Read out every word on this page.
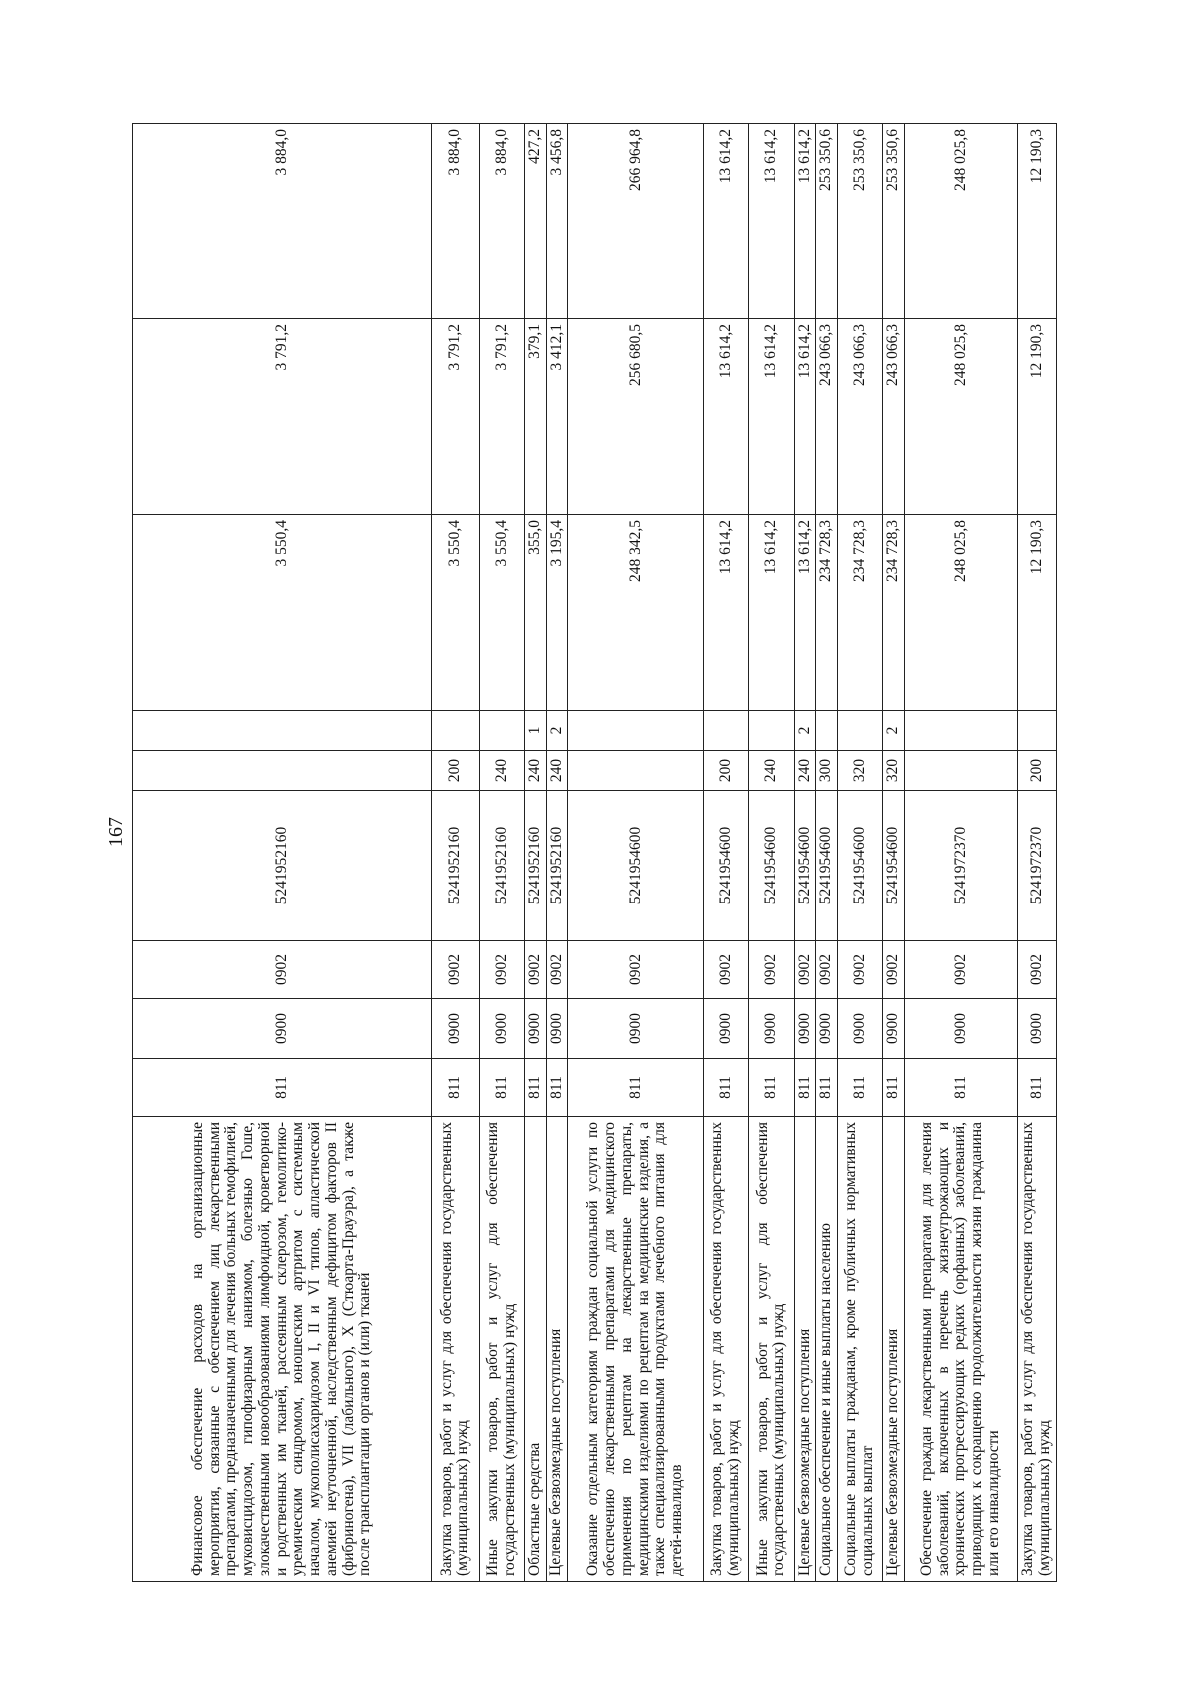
167
Финансовое обеспечение расходов на организационные мероприятия, связанные с обеспечением лиц лекарственными препаратами, предназначенными для лечения больных гемофилией, муковисцидозом, гипофизарным нанизмом, болезнью Гоше, злокачественными новообразованиями лимфоидной, кроветворной и родственных им тканей, рассеянным склерозом, гемолитико-уремическим синдромом, юношеским артритом с системным началом, мукополисахаридозом I, II и VI типов, апластической анемией неуточненной, наследственным дефицитом факторов II (фибриногена), VII (лабильного), X (Стюарта-Прауэра), а также после трансплантации органов и (или) тканей	811	0900	0902	5241952160			3 550,4	3 791,2	3 884,0
Закупка товаров, работ и услуг для обеспечения государственных (муниципальных) нужд	811	0900	0902	5241952160	200		3 550,4	3 791,2	3 884,0
Иные закупки товаров, работ и услуг для обеспечения государственных (муниципальных) нужд	811	0900	0902	5241952160	240		3 550,4	3 791,2	3 884,0
Областные средства	811	0900	0902	5241952160	240	1	355,0	379,1	427,2
Целевые безвозмездные поступления	811	0900	0902	5241952160	240	2	3 195,4	3 412,1	3 456,8
Оказание отдельным категориям граждан социальной услуги по обеспечению лекарственными препаратами для медицинского применения по рецептам на лекарственные препараты, медицинскими изделиями по рецептам на медицинские изделия, а также специализированными продуктами лечебного питания для детей-инвалидов	811	0900	0902	5241954600			248 342,5	256 680,5	266 964,8
Закупка товаров, работ и услуг для обеспечения государственных (муниципальных) нужд	811	0900	0902	5241954600	200		13 614,2	13 614,2	13 614,2
Иные закупки товаров, работ и услуг для обеспечения государственных (муниципальных) нужд	811	0900	0902	5241954600	240		13 614,2	13 614,2	13 614,2
Целевые безвозмездные поступления	811	0900	0902	5241954600	240	2	13 614,2	13 614,2	13 614,2
Социальное обеспечение и иные выплаты населению	811	0900	0902	5241954600	300		234 728,3	243 066,3	253 350,6
Социальные выплаты гражданам, кроме публичных нормативных социальных выплат	811	0900	0902	5241954600	320		234 728,3	243 066,3	253 350,6
Целевые безвозмездные поступления	811	0900	0902	5241954600	320	2	234 728,3	243 066,3	253 350,6
Обеспечение граждан лекарственными препаратами для лечения заболеваний, включенных в перечень жизнеугрожающих и хронических прогрессирующих редких (орфанных) заболеваний, приводящих к сокращению продолжительности жизни гражданина или его инвалидности	811	0900	0902	5241972370			248 025,8	248 025,8	248 025,8
Закупка товаров, работ и услуг для обеспечения государственных (муниципальных) нужд	811	0900	0902	5241972370	200		12 190,3	12 190,3	12 190,3
